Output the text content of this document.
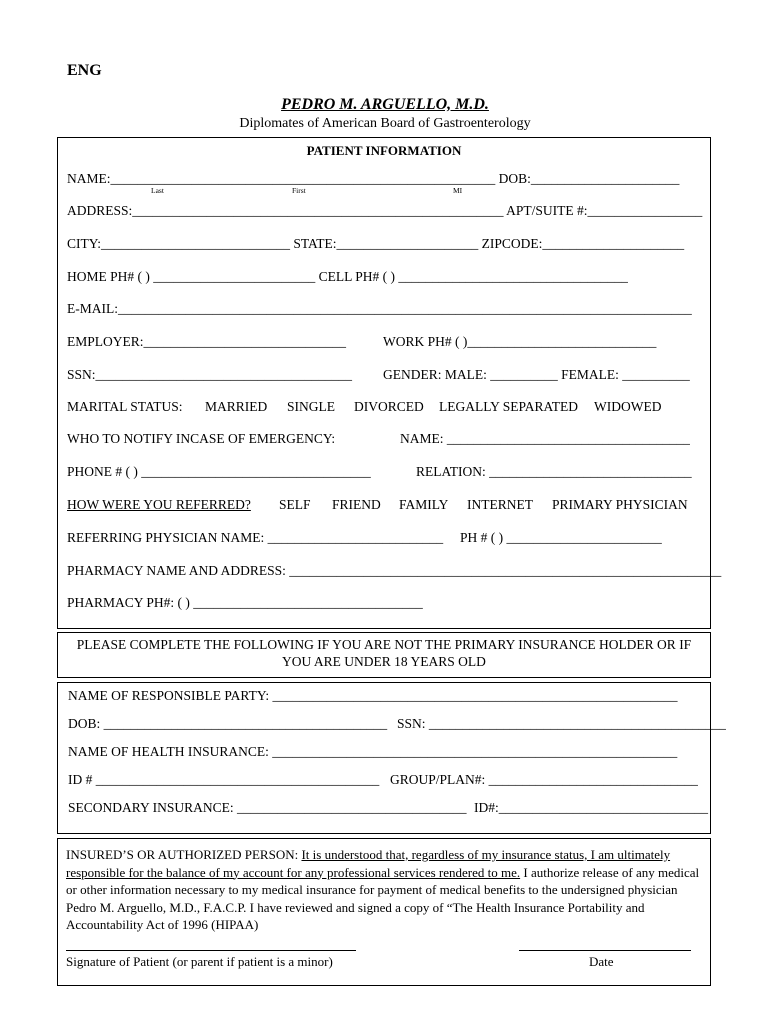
ENG
PEDRO M. ARGUELLO, M.D.
Diplomates of American Board of Gastroenterology
PATIENT INFORMATION
NAME:_________________________________________________________ DOB:______________________
Last	First	MI
ADDRESS:_______________________________________________________ APT/SUITE #:_________________
CITY:____________________________ STATE:_____________________ ZIPCODE:_____________________
HOME PH# ( ) ________________________ CELL PH# ( ) __________________________________
E-MAIL:_____________________________________________________________________________________
EMPLOYER:______________________________	WORK PH# ( )____________________________
SSN:______________________________________ GENDER: MALE: __________ FEMALE: __________
MARITAL STATUS: MARRIED SINGLE DIVORCED LEGALLY SEPARATED WIDOWED
WHO TO NOTIFY INCASE OF EMERGENCY:	NAME: ____________________________________
PHONE # ( ) __________________________________	RELATION: ______________________________
HOW WERE YOU REFERRED? SELF FRIEND FAMILY INTERNET PRIMARY PHYSICIAN
REFERRING PHYSICIAN NAME: __________________________ PH # ( ) _______________________
PHARMACY NAME AND ADDRESS: ________________________________________________________________
PHARMACY PH#: ( ) __________________________________
PLEASE COMPLETE THE FOLLOWING IF YOU ARE NOT THE PRIMARY INSURANCE HOLDER OR IF
YOU ARE UNDER 18 YEARS OLD
NAME OF RESPONSIBLE PARTY: ____________________________________________________________
DOB: __________________________________________ SSN: ____________________________________________
NAME OF HEALTH INSURANCE: ____________________________________________________________
ID # __________________________________________ GROUP/PLAN#: _______________________________
SECONDARY INSURANCE: __________________________________ ID#:_______________________________
INSURED’S OR AUTHORIZED PERSON: It is understood that, regardless of my insurance status, I am ultimately responsible for the balance of my account for any professional services rendered to me. I authorize release of any medical or other information necessary to my medical insurance for payment of medical benefits to the undersigned physician Pedro M. Arguello, M.D., F.A.C.P. I have reviewed and signed a copy of “The Health Insurance Portability and Accountability Act of 1996 (HIPAA)
Signature of Patient (or parent if patient is a minor)	Date
